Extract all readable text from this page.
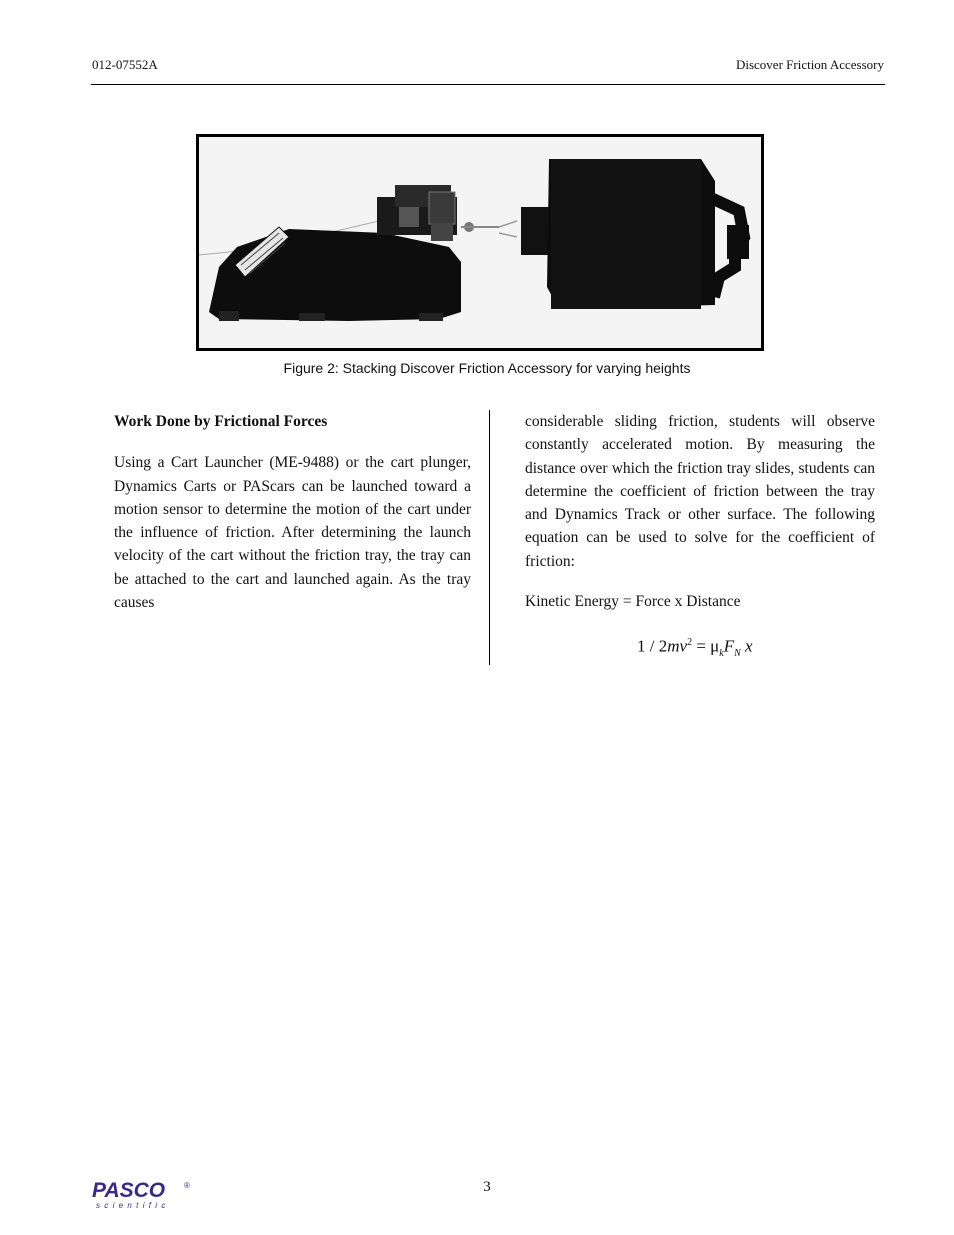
012-07552A	Discover Friction Accessory
Figure 2: Stacking Discover Friction Accessory for varying heights

Work Done by Frictional Forces

Using a Cart Launcher (ME-9488) or the cart plunger, Dynamics Carts or PAScars can be launched toward a motion sensor to determine the motion of the cart under the influence of friction. After determining the launch velocity of the cart without the friction tray, the tray can be attached to the cart and launched again. As the tray causes

considerable sliding friction, students will observe constantly accelerated motion. By measuring the distance over which the friction tray slides, students can determine the coefficient of friction between the tray and Dynamics Track or other surface. The following equation can be used to solve for the coefficient of friction:

Kinetic Energy = Force x Distance

$1 / 2mv^2 = \mu_kF_N$ x
PASCO
scientific
®	3
